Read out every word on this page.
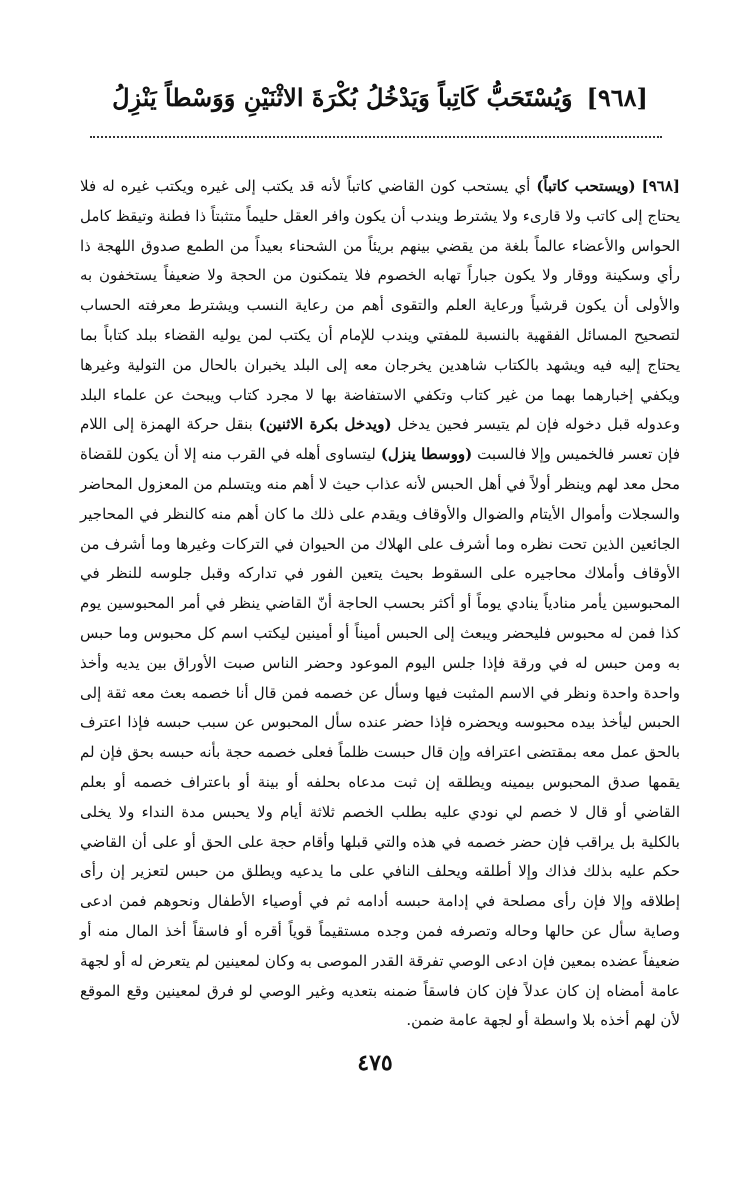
[٩٦٨]وَيُسْتَحَبُّ كَاتِباً وَيَدْخُلُ بُكْرَةَ الاثْنَيْنِ وَوَسْطاً يَنْزِلُ

[٩٦٨] (ويستحب كاتباً) أي يستحب كون القاضي كاتباً لأنه قد يكتب إلى غيره ويكتب غيره له فلا يحتاج إلى كاتب ولا قارىء ولا يشترط ويندب أن يكون وافر العقل حليماً متثبتاً ذا فطنة وتيقظ كامل الحواس والأعضاء عالماً بلغة من يقضي بينهم بريئاً من الشحناء بعيداً من الطمع صدوق اللهجة ذا رأي وسكينة ووقار ولا يكون جباراً تهابه الخصوم فلا يتمكنون من الحجة ولا ضعيفاً يستخفون به والأولى أن يكون قرشياً ورعاية العلم والتقوى أهم من رعاية النسب ويشترط معرفته الحساب لتصحيح المسائل الفقهية بالنسبة للمفتي ويندب للإمام أن يكتب لمن يوليه القضاء ببلد كتاباً بما يحتاج إليه فيه ويشهد بالكتاب شاهدين يخرجان معه إلى البلد يخبران بالحال من التولية وغيرها ويكفي إخبارهما بهما من غير كتاب وتكفي الاستفاضة بها لا مجرد كتاب ويبحث عن علماء البلد وعدوله قبل دخوله فإن لم يتيسر فحين يدخل (ويدخل بكرة الاثنين) بنقل حركة الهمزة إلى اللام فإن تعسر فالخميس وإلا فالسبت (ووسطا ينزل) ليتساوى أهله في القرب منه إلا أن يكون للقضاة محل معد لهم وينظر أولاً في أهل الحبس لأنه عذاب حيث لا أهم منه ويتسلم من المعزول المحاضر والسجلات وأموال الأيتام والضوال والأوقاف ويقدم على ذلك ما كان أهم منه كالنظر في المحاجير الجائعين الذين تحت نظره وما أشرف على الهلاك من الحيوان في التركات وغيرها وما أشرف من الأوقاف وأملاك محاجيره على السقوط بحيث يتعين الفور في تداركه وقبل جلوسه للنظر في المحبوسين يأمر منادياً ينادي يوماً أو أكثر بحسب الحاجة أنّ القاضي ينظر في أمر المحبوسين يوم كذا فمن له محبوس فليحضر ويبعث إلى الحبس أميناً أو أمينين ليكتب اسم كل محبوس وما حبس به ومن حبس له في ورقة فإذا جلس اليوم الموعود وحضر الناس صبت الأوراق بين يديه وأخذ واحدة واحدة ونظر في الاسم المثبت فيها وسأل عن خصمه فمن قال أنا خصمه بعث معه ثقة إلى الحبس ليأخذ بيده محبوسه ويحضره فإذا حضر عنده سأل المحبوس عن سبب حبسه فإذا اعترف بالحق عمل معه بمقتضى اعترافه وإن قال حبست ظلماً فعلى خصمه حجة بأنه حبسه بحق فإن لم يقمها صدق المحبوس بيمينه ويطلقه إن ثبت مدعاه بحلفه أو بينة أو باعتراف خصمه أو بعلم القاضي أو قال لا خصم لي نودي عليه بطلب الخصم ثلاثة أيام ولا يحبس مدة النداء ولا يخلى بالكلية بل يراقب فإن حضر خصمه في هذه والتي قبلها وأقام حجة على الحق أو على أن القاضي حكم عليه بذلك فذاك وإلا أطلقه ويحلف النافي على ما يدعيه ويطلق من حبس لتعزير إن رأى إطلاقه وإلا فإن رأى مصلحة في إدامة حبسه أدامه ثم في أوصياء الأطفال ونحوهم فمن ادعى وصاية سأل عن حالها وحاله وتصرفه فمن وجده مستقيماً قوياً أقره أو فاسقاً أخذ المال منه أو ضعيفاً عضده بمعين فإن ادعى الوصي تفرقة القدر الموصى به وكان لمعينين لم يتعرض له أو لجهة عامة أمضاه إن كان عدلاً فإن كان فاسقاً ضمنه بتعديه وغير الوصي لو فرق لمعينين وقع الموقع لأن لهم أخذه بلا واسطة أو لجهة عامة ضمن.

٤٧٥
